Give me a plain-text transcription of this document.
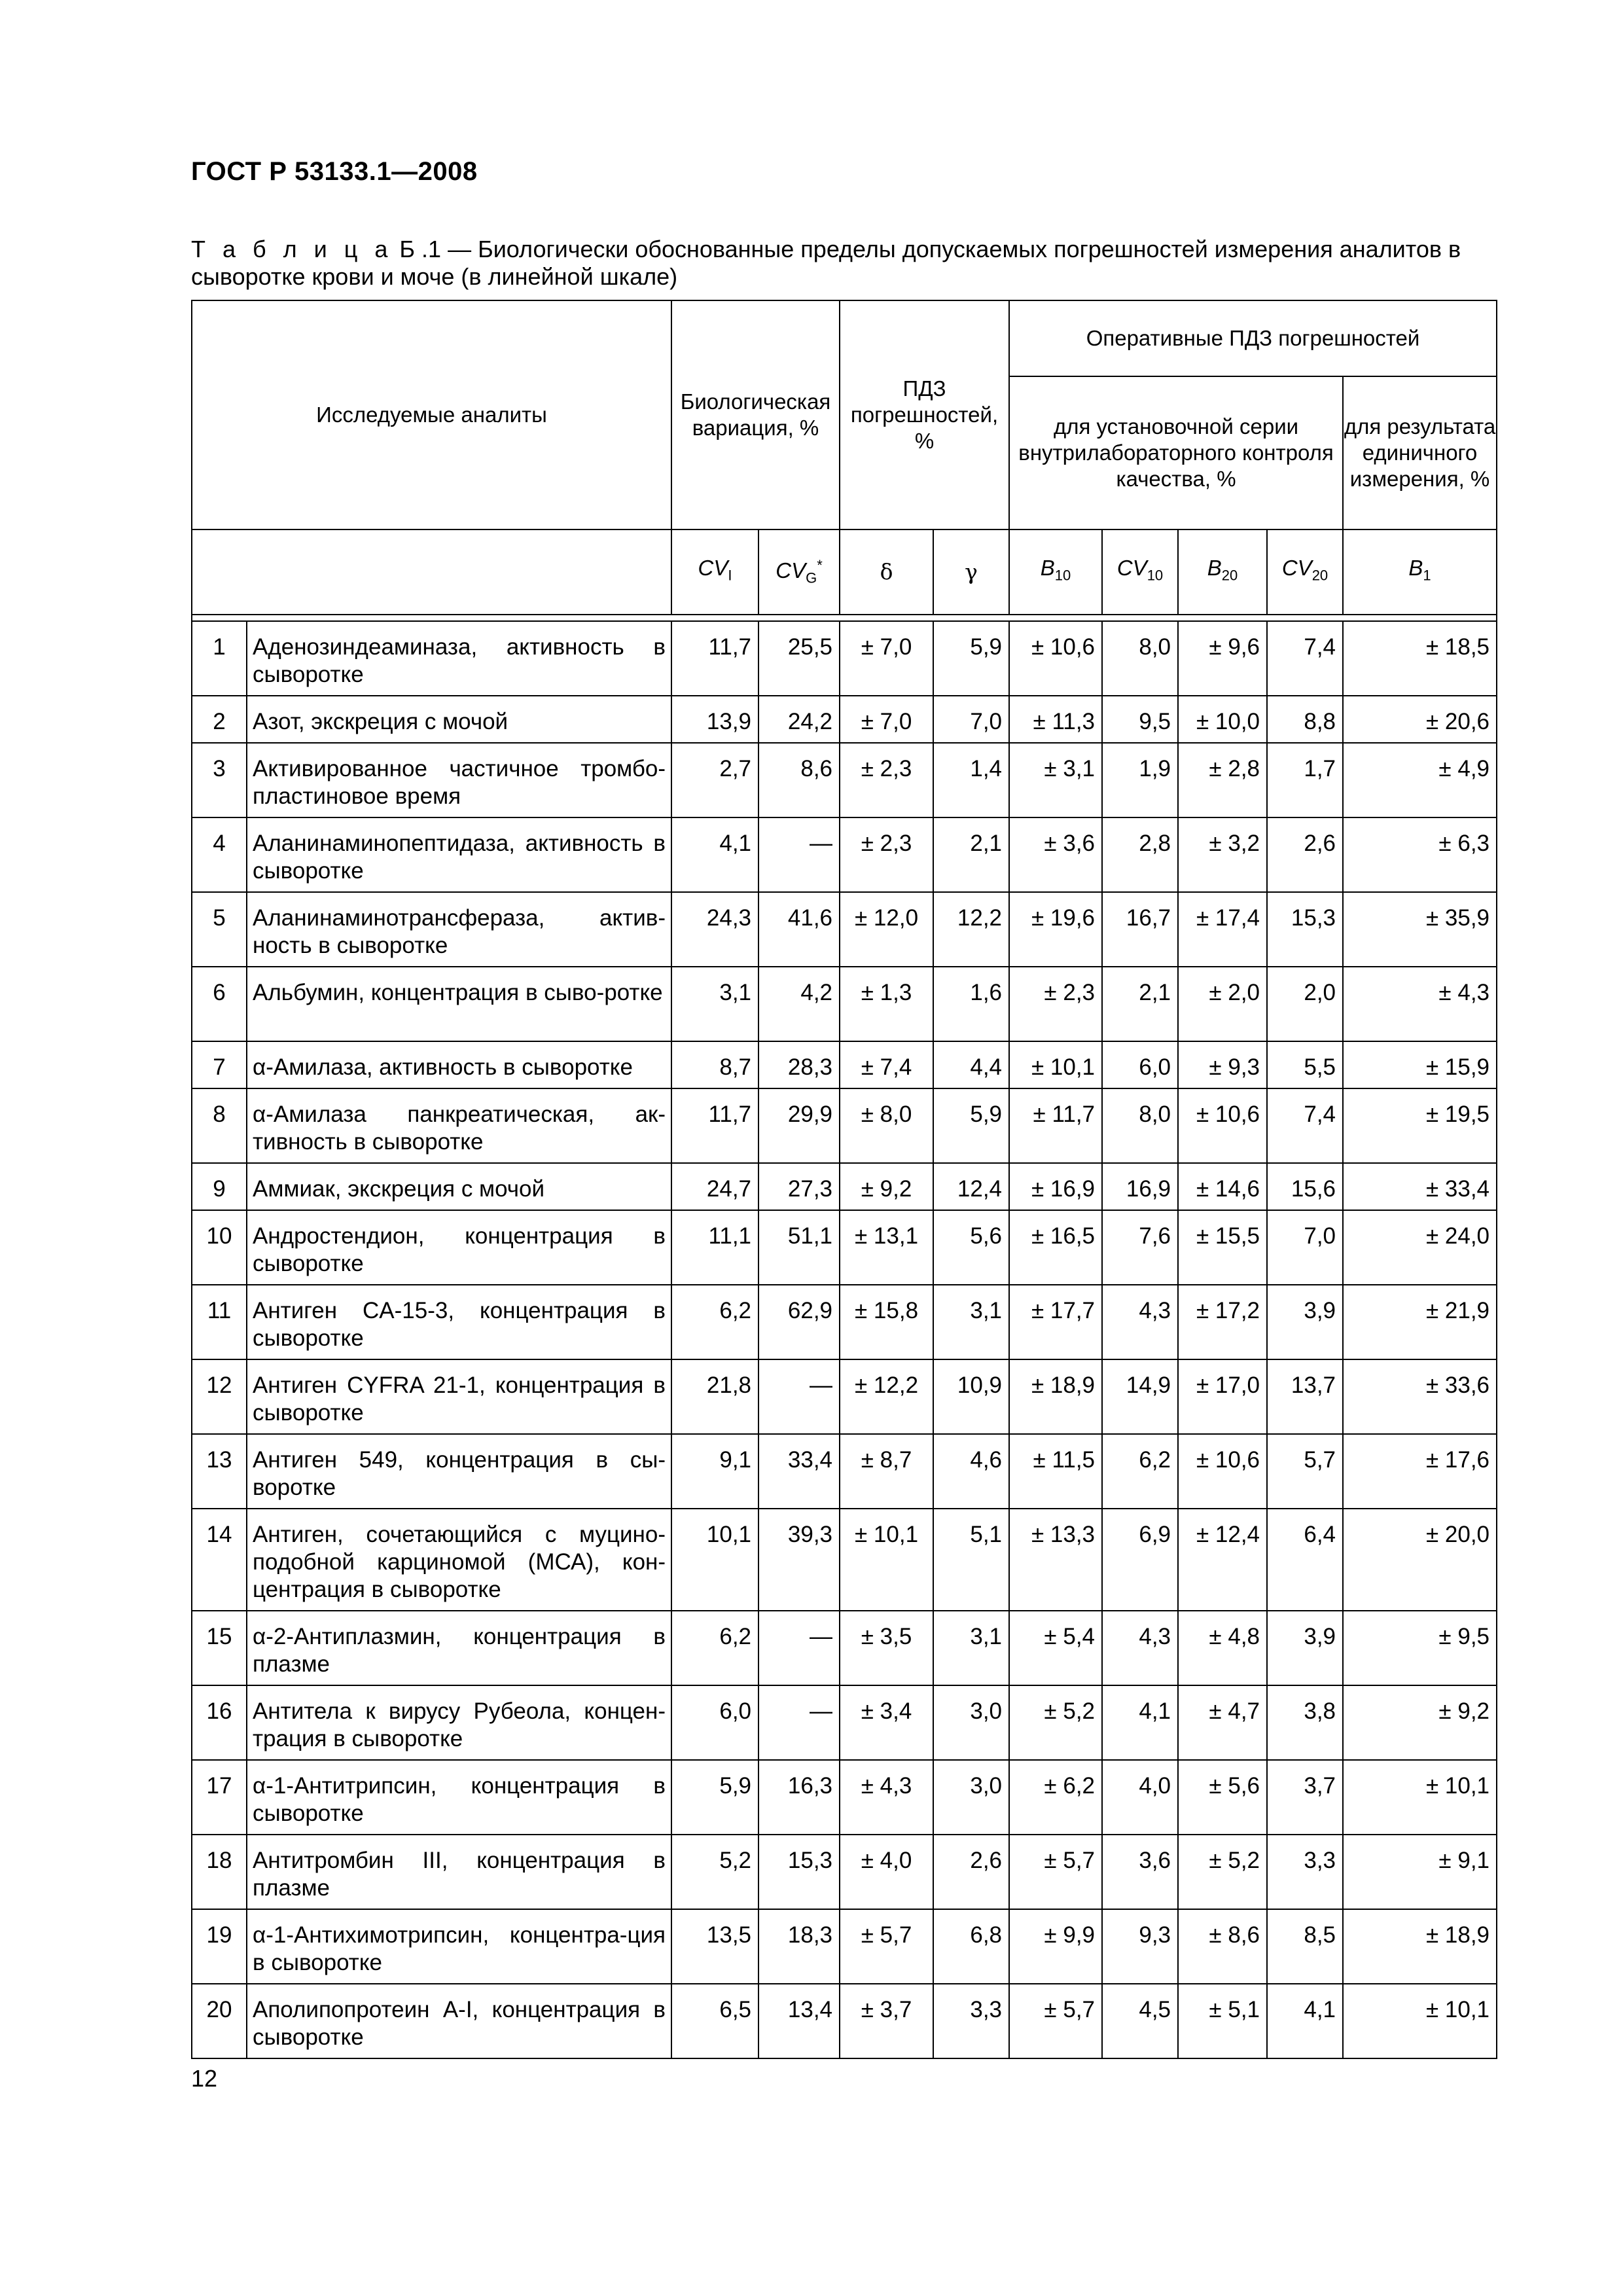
ГОСТ Р 53133.1—2008
Т а б л и ц а Б .1 — Биологически обоснованные пределы допускаемых погрешностей измерения аналитов в сыворотке крови и моче (в линейной шкале)
Исследуемые аналиты		Биологическая вариация, %		ПДЗ погрешностей, %		Оперативные ПДЗ погрешностей				
						для установочной серии внутрилабораторного контроля качества, %				для результата единичного измерения, %
		$CV_I$	$CV_G^*$	δ	γ	$B_{10}$	$CV_{10}$	$B_{20}$	$CV_{20}$	$B_1$

1	Аденозиндеаминаза, активность в сыворотке	11,7	25,5	± 7,0	5,9	± 10,6	8,0	± 9,6	7,4	± 18,5
2	Азот, экскреция с мочой	13,9	24,2	± 7,0	7,0	± 11,3	9,5	± 10,0	8,8	± 20,6
3	Активированное частичное тромбо-пластиновое время	2,7	8,6	± 2,3	1,4	± 3,1	1,9	± 2,8	1,7	± 4,9
4	Аланинаминопептидаза, активность в сыворотке	4,1	—	± 2,3	2,1	± 3,6	2,8	± 3,2	2,6	± 6,3
5	Аланинаминотрансфераза, актив-ность в сыворотке	24,3	41,6	± 12,0	12,2	± 19,6	16,7	± 17,4	15,3	± 35,9
6	Альбумин, концентрация в сыво-ротке	3,1	4,2	± 1,3	1,6	± 2,3	2,1	± 2,0	2,0	± 4,3
7	α-Амилаза, активность в сыворотке	8,7	28,3	± 7,4	4,4	± 10,1	6,0	± 9,3	5,5	± 15,9
8	α-Амилаза панкреатическая, ак-тивность в сыворотке	11,7	29,9	± 8,0	5,9	± 11,7	8,0	± 10,6	7,4	± 19,5
9	Аммиак, экскреция с мочой	24,7	27,3	± 9,2	12,4	± 16,9	16,9	± 14,6	15,6	± 33,4
10	Андростендион, концентрация в сыворотке	11,1	51,1	± 13,1	5,6	± 16,5	7,6	± 15,5	7,0	± 24,0
11	Антиген CA-15-3, концентрация в сыворотке	6,2	62,9	± 15,8	3,1	± 17,7	4,3	± 17,2	3,9	± 21,9
12	Антиген CYFRA 21-1, концентрация в сыворотке	21,8	—	± 12,2	10,9	± 18,9	14,9	± 17,0	13,7	± 33,6
13	Антиген 549, концентрация в сы-воротке	9,1	33,4	± 8,7	4,6	± 11,5	6,2	± 10,6	5,7	± 17,6
14	Антиген, сочетающийся с муцино-подобной карциномой (МСА), кон-центрация в сыворотке	10,1	39,3	± 10,1	5,1	± 13,3	6,9	± 12,4	6,4	± 20,0
15	α-2-Антиплазмин, концентрация в плазме	6,2	—	± 3,5	3,1	± 5,4	4,3	± 4,8	3,9	± 9,5
16	Антитела к вирусу Рубеола, концен-трация в сыворотке	6,0	—	± 3,4	3,0	± 5,2	4,1	± 4,7	3,8	± 9,2
17	α-1-Антитрипсин, концентрация в сыворотке	5,9	16,3	± 4,3	3,0	± 6,2	4,0	± 5,6	3,7	± 10,1
18	Антитромбин III, концентрация в плазме	5,2	15,3	± 4,0	2,6	± 5,7	3,6	± 5,2	3,3	± 9,1
19	α-1-Антихимотрипсин, концентра-ция в сыворотке	13,5	18,3	± 5,7	6,8	± 9,9	9,3	± 8,6	8,5	± 18,9
20	Аполипопротеин А-I, концентрация в сыворотке	6,5	13,4	± 3,7	3,3	± 5,7	4,5	± 5,1	4,1	± 10,1
12
